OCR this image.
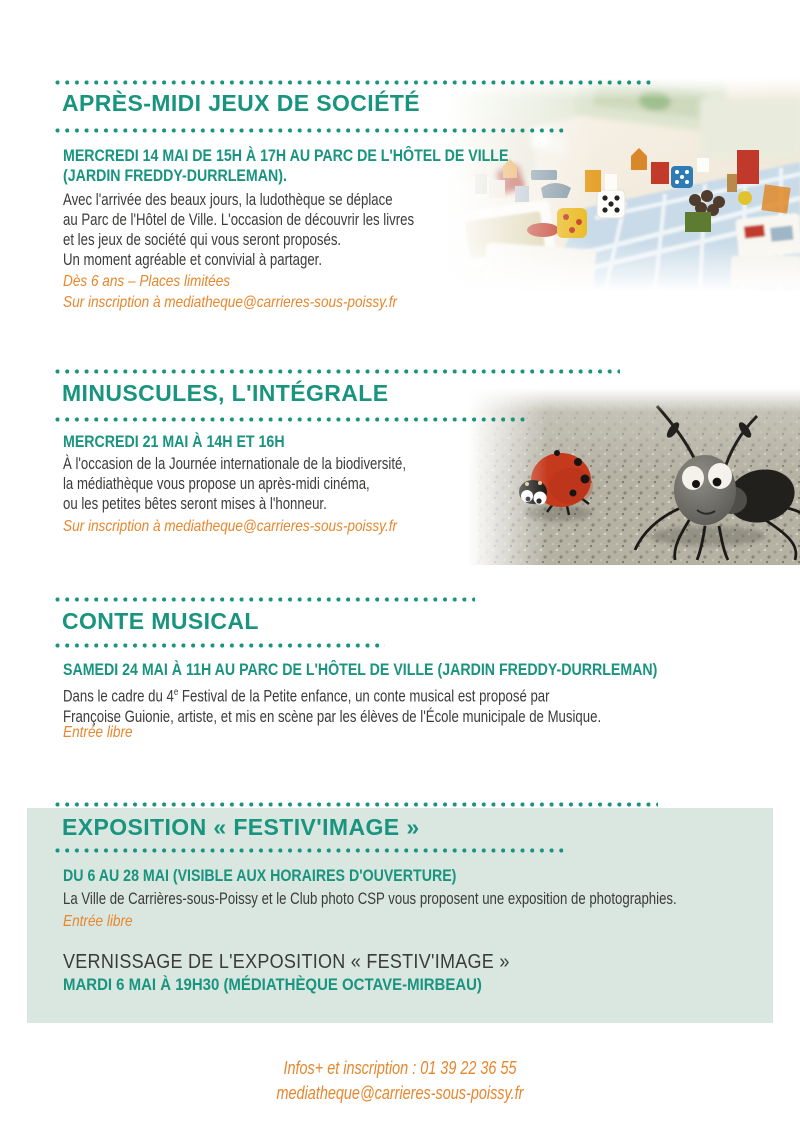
APRÈS-MIDI JEUX DE SOCIÉTÉ
MERCREDI 14 MAI DE 15H À 17H AU PARC DE L'HÔTEL DE VILLE
(JARDIN FREDDY-DURRLEMAN).
Avec l'arrivée des beaux jours, la ludothèque se déplace
au Parc de l'Hôtel de Ville. L'occasion de découvrir les livres
et les jeux de société qui vous seront proposés.
Un moment agréable et convivial à partager.
Dès 6 ans – Places limitées
Sur inscription à mediatheque@carrieres-sous-poissy.fr
MINUSCULES, L'INTÉGRALE
MERCREDI 21 MAI À 14H ET 16H
À l'occasion de la Journée internationale de la biodiversité,
la médiathèque vous propose un après-midi cinéma,
ou les petites bêtes seront mises à l'honneur.
Sur inscription à mediatheque@carrieres-sous-poissy.fr
CONTE MUSICAL
SAMEDI 24 MAI À 11H AU PARC DE L'HÔTEL DE VILLE (JARDIN FREDDY-DURRLEMAN)
Dans le cadre du 4e Festival de la Petite enfance, un conte musical est proposé par
Françoise Guionie, artiste, et mis en scène par les élèves de l'École municipale de Musique.
Entrée libre
EXPOSITION « FESTIV'IMAGE »
DU 6 AU 28 MAI (VISIBLE AUX HORAIRES D'OUVERTURE)
La Ville de Carrières-sous-Poissy et le Club photo CSP vous proposent une exposition de photographies.
Entrée libre
VERNISSAGE DE L'EXPOSITION « FESTIV'IMAGE »
MARDI 6 MAI À 19H30 (MÉDIATHÈQUE OCTAVE-MIRBEAU)
Infos+ et inscription : 01 39 22 36 55
mediatheque@carrieres-sous-poissy.fr
